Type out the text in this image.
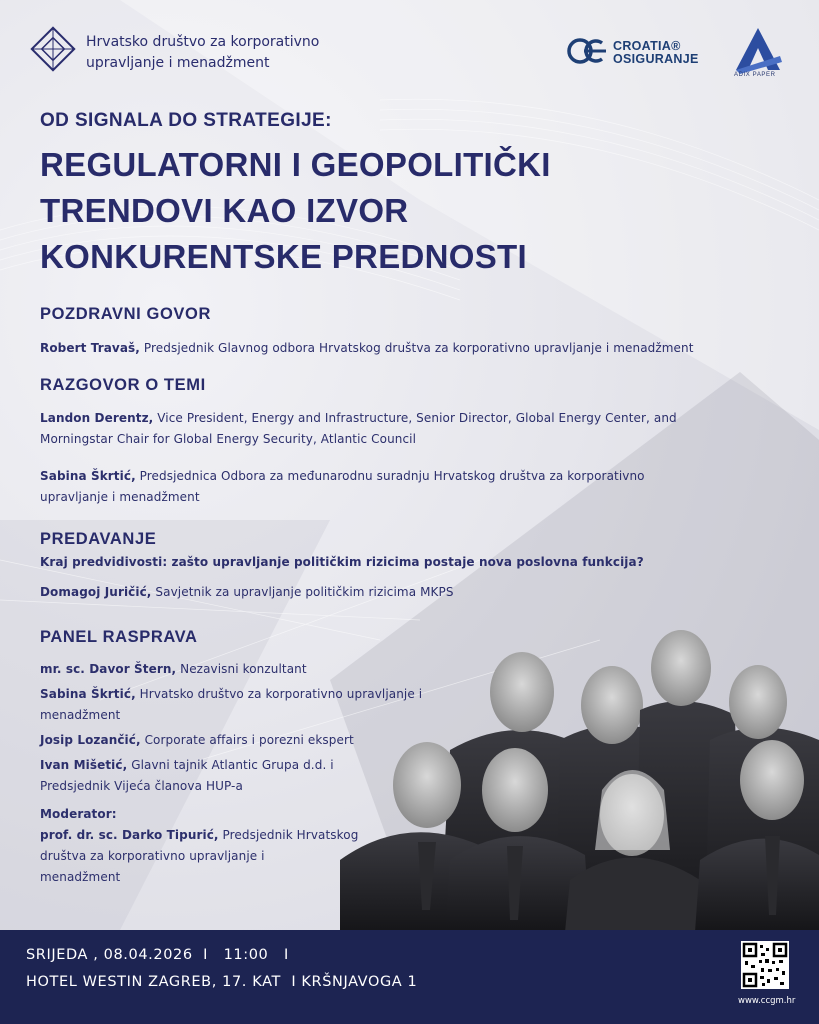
Hrvatsko društvo za korporativno
upravljanje i menadžment
CROATIA®
OSIGURANJE
ADIX PAPER
OD SIGNALA DO STRATEGIJE:
REGULATORNI I GEOPOLITIČKI
TRENDOVI KAO IZVOR
KONKURENTSKE PREDNOSTI
POZDRAVNI GOVOR
Robert Travaš, Predsjednik Glavnog odbora Hrvatskog društva za korporativno upravljanje i menadžment
RAZGOVOR O TEMI
Landon Derentz, Vice President, Energy and Infrastructure, Senior Director, Global Energy Center, and
Morningstar Chair for Global Energy Security, Atlantic Council
Sabina Škrtić, Predsjednica Odbora za međunarodnu suradnju Hrvatskog društva za korporativno
upravljanje i menadžment
PREDAVANJE
Kraj predvidivosti: zašto upravljanje političkim rizicima postaje nova poslovna funkcija?
Domagoj Juričić, Savjetnik za upravljanje političkim rizicima MKPS
PANEL RASPRAVA
mr. sc. Davor Štern, Nezavisni konzultant
Sabina Škrtić, Hrvatsko društvo za korporativno upravljanje i
menadžment
Josip Lozančić, Corporate affairs i porezni ekspert
Ivan Mišetić, Glavni tajnik Atlantic Grupa d.d. i
Predsjednik Vijeća članova HUP-a
Moderator:
prof. dr. sc. Darko Tipurić, Predsjednik Hrvatskog
društva za korporativno upravljanje i
menadžment
SRIJEDA , 08.04.2026  I   11:00   I
HOTEL WESTIN ZAGREB, 17. KAT  I KRŠNJAVOGA 1
www.ccgm.hr
